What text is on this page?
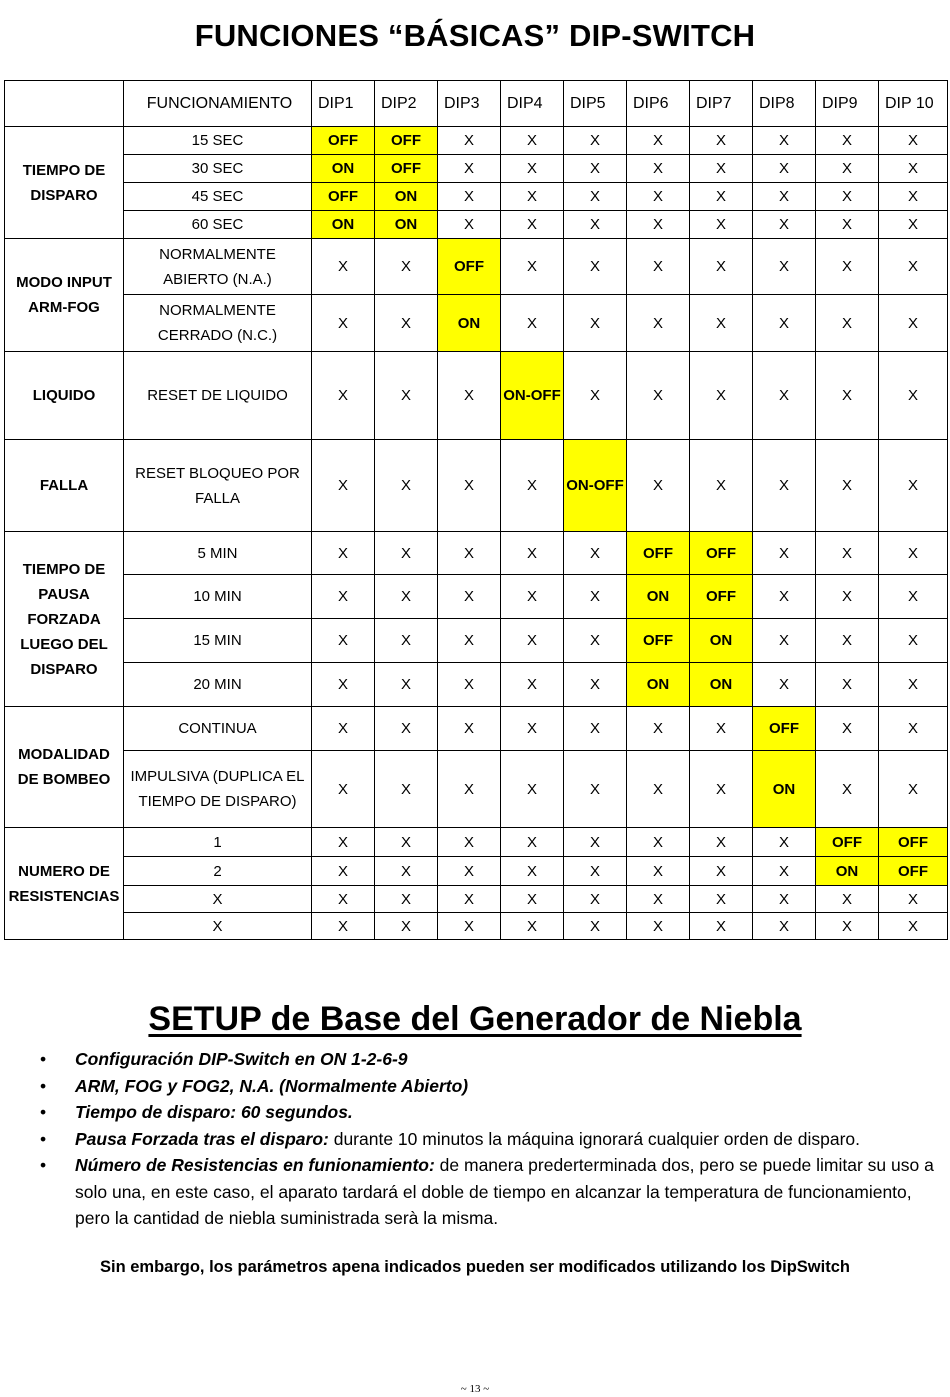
FUNCIONES “BÁSICAS” DIP-SWITCH
	FUNCIONAMIENTO	DIP1	DIP2	DIP3	DIP4	DIP5	DIP6	DIP7	DIP8	DIP9	DIP 10
TIEMPO DE DISPARO	15 SEC	OFF	OFF	X	X	X	X	X	X	X	X
	30 SEC	ON	OFF	X	X	X	X	X	X	X	X
	45 SEC	OFF	ON	X	X	X	X	X	X	X	X
	60 SEC	ON	ON	X	X	X	X	X	X	X	X
MODO INPUT ARM-FOG	NORMALMENTE ABIERTO (N.A.)	X	X	OFF	X	X	X	X	X	X	X
	NORMALMENTE CERRADO (N.C.)	X	X	ON	X	X	X	X	X	X	X
LIQUIDO	RESET DE LIQUIDO	X	X	X	ON-OFF	X	X	X	X	X	X
FALLA	RESET BLOQUEO POR FALLA	X	X	X	X	ON-OFF	X	X	X	X	X
TIEMPO DE PAUSA FORZADA LUEGO DEL DISPARO	5 MIN	X	X	X	X	X	OFF	OFF	X	X	X
	10 MIN	X	X	X	X	X	ON	OFF	X	X	X
	15 MIN	X	X	X	X	X	OFF	ON	X	X	X
	20 MIN	X	X	X	X	X	ON	ON	X	X	X
MODALIDAD DE BOMBEO	CONTINUA	X	X	X	X	X	X	X	OFF	X	X
	IMPULSIVA (DUPLICA EL TIEMPO DE DISPARO)	X	X	X	X	X	X	X	ON	X	X
NUMERO DE RESISTENCIAS	1	X	X	X	X	X	X	X	X	OFF	OFF
	2	X	X	X	X	X	X	X	X	ON	OFF
	X	X	X	X	X	X	X	X	X	X	X
	X	X	X	X	X	X	X	X	X	X	X
SETUP de Base del Generador de Niebla
• Configuración DIP-Switch en ON 1-2-6-9
• ARM, FOG y FOG2, N.A. (Normalmente Abierto)
• Tiempo de disparo: 60 segundos.
• Pausa Forzada tras el disparo: durante 10 minutos la máquina ignorará cualquier orden de disparo.
• Número de Resistencias en funionamiento: de manera prederterminada dos, pero se puede limitar su uso a solo una, en este caso, el aparato tardará el doble de tiempo en alcanzar la temperatura de funcionamiento, pero la cantidad de niebla suministrada serà la misma.
Sin embargo, los parámetros apena indicados pueden ser modificados utilizando los DipSwitch
~ 13 ~
